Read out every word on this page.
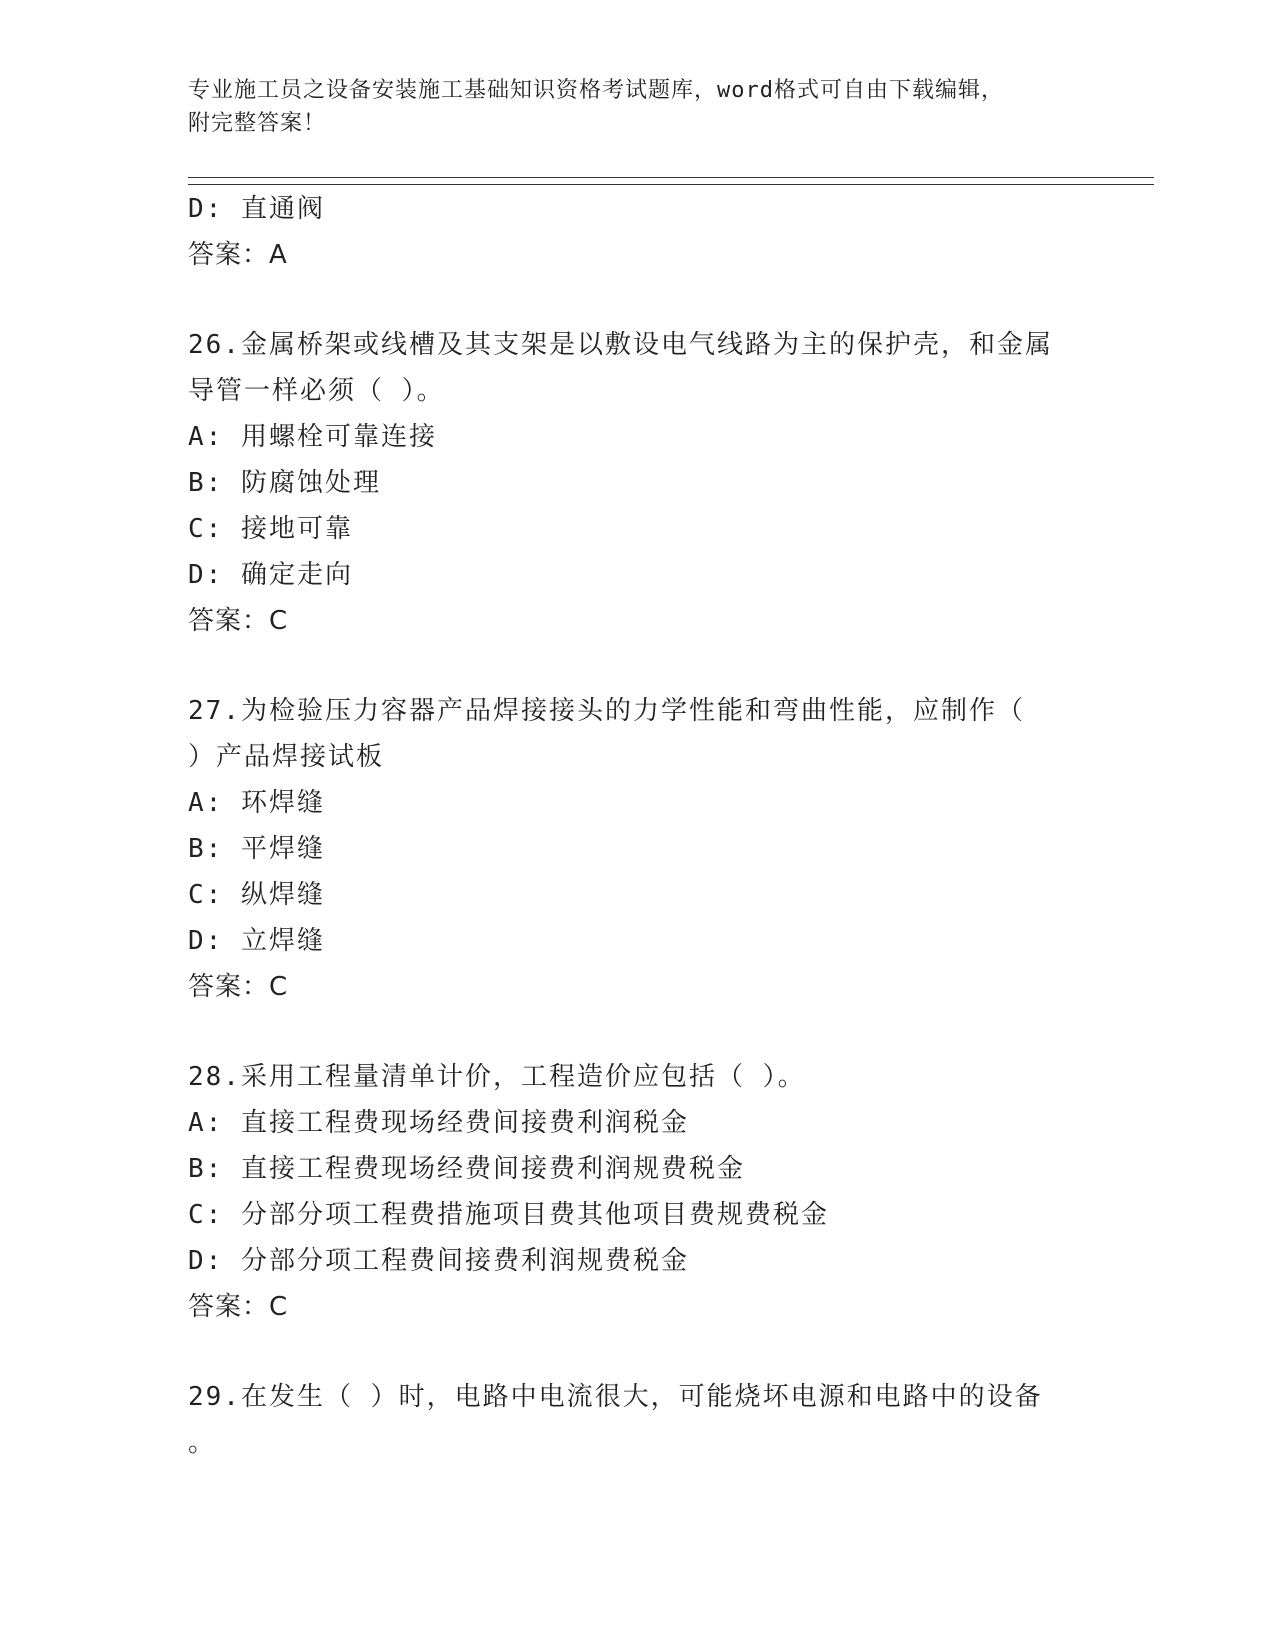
专业施工员之设备安装施工基础知识资格考试题库，word格式可自由下载编辑，
附完整答案！
D: 直通阀
答案：A
26.金属桥架或线槽及其支架是以敷设电气线路为主的保护壳，和金属
导管一样必须（ ）。
A: 用螺栓可靠连接
B: 防腐蚀处理
C: 接地可靠
D: 确定走向
答案：C
27.为检验压力容器产品焊接接头的力学性能和弯曲性能，应制作（
）产品焊接试板
A: 环焊缝
B: 平焊缝
C: 纵焊缝
D: 立焊缝
答案：C
28.采用工程量清单计价，工程造价应包括（ ）。
A: 直接工程费现场经费间接费利润税金
B: 直接工程费现场经费间接费利润规费税金
C: 分部分项工程费措施项目费其他项目费规费税金
D: 分部分项工程费间接费利润规费税金
答案：C
29.在发生（ ）时，电路中电流很大，可能烧坏电源和电路中的设备
。
